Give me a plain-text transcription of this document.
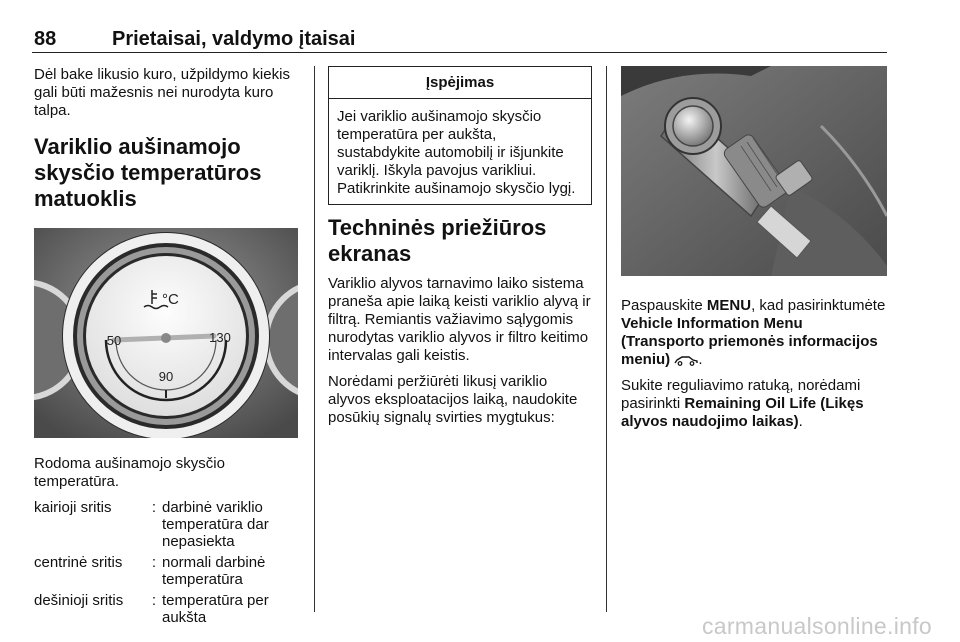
88	Prietaisai, valdymo įtaisai

Dėl bake likusio kuro, užpildymo kiekis gali būti mažesnis nei nurodyta kuro talpa.

Variklio aušinamojo skysčio temperatūros matuoklis
°C
50
90
130

Rodoma aušinamojo skysčio temperatūra.

kairioji sritis	:	darbinė variklio temperatūra dar nepasiekta
centrinė sritis	:	normali darbinė temperatūra
dešinioji sritis	:	temperatūra per aukšta
Įspėjimas
Jei variklio aušinamojo skysčio temperatūra per aukšta, sustabdykite automobilį ir išjunkite variklį. Iškyla pavojus varikliui. Patikrinkite aušinamojo skysčio lygį.
Techninės priežiūros ekranas

Variklio alyvos tarnavimo laiko sistema praneša apie laiką keisti variklio alyvą ir filtrą. Remiantis važiavimo sąlygomis nurodytas variklio alyvos ir filtro keitimo intervalas gali keistis.

Norėdami peržiūrėti likusį variklio alyvos eksploatacijos laiką, naudokite posūkių signalų svirties mygtukus:

Paspauskite MENU, kad pasirinktumėte Vehicle Information Menu (Transporto priemonės informacijos meniu) .

Sukite reguliavimo ratuką, norėdami pasirinkti Remaining Oil Life (Likęs alyvos naudojimo laikas).

carmanualsonline.info
